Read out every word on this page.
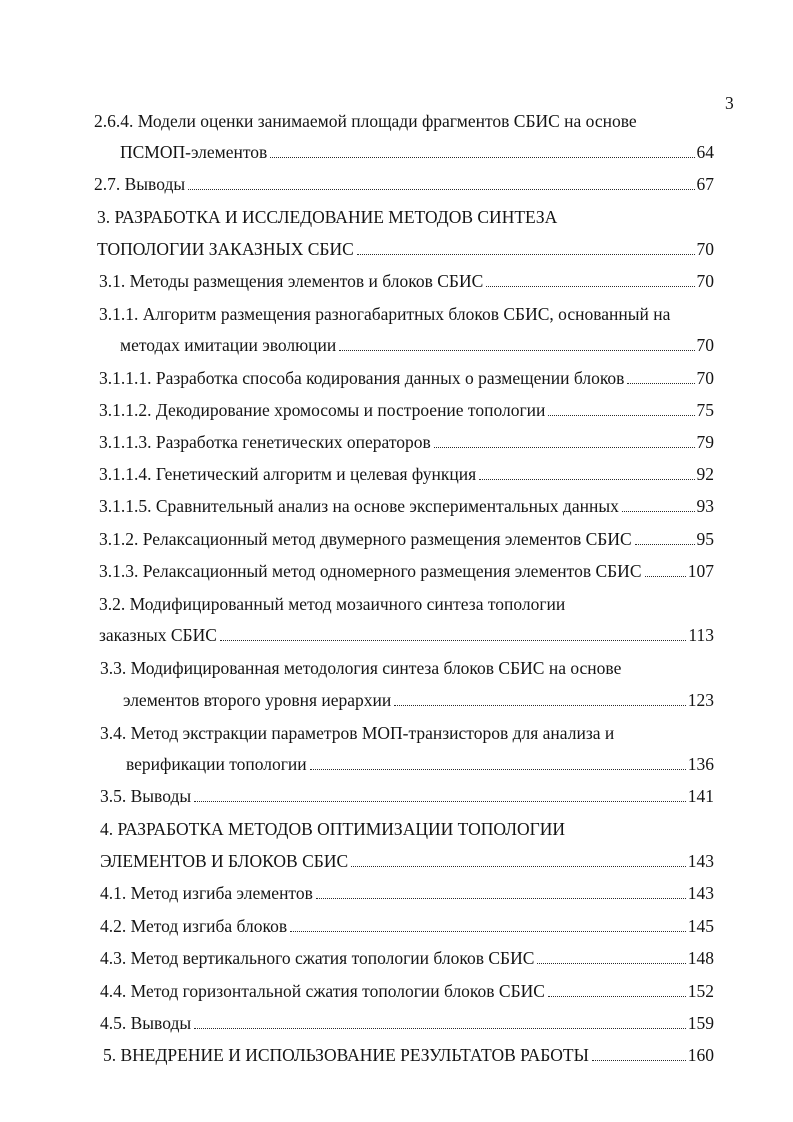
3
2.6.4. Модели оценки занимаемой площади фрагментов СБИС на основе
ПСМОП-элементов	64
2.7. Выводы	67
3. РАЗРАБОТКА И ИССЛЕДОВАНИЕ МЕТОДОВ СИНТЕЗА
ТОПОЛОГИИ ЗАКАЗНЫХ СБИС	70
3.1. Методы размещения элементов и блоков СБИС	70
3.1.1. Алгоритм размещения разногабаритных блоков СБИС, основанный на
методах имитации эволюции	70
3.1.1.1. Разработка способа кодирования данных о размещении блоков	70
3.1.1.2. Декодирование хромосомы и построение топологии	75
3.1.1.3. Разработка генетических операторов	79
3.1.1.4. Генетический алгоритм и целевая функция	92
3.1.1.5. Сравнительный анализ на основе экспериментальных данных	93
3.1.2. Релаксационный метод двумерного размещения элементов СБИС	95
3.1.3. Релаксационный метод одномерного размещения элементов СБИС	107
3.2. Модифицированный метод мозаичного синтеза топологии
заказных СБИС	113
3.3. Модифицированная методология синтеза блоков СБИС на основе
элементов второго уровня иерархии	123
3.4. Метод экстракции параметров МОП-транзисторов для анализа и
верификации топологии	136
3.5. Выводы	141
4. РАЗРАБОТКА МЕТОДОВ ОПТИМИЗАЦИИ ТОПОЛОГИИ
ЭЛЕМЕНТОВ И БЛОКОВ СБИС	143
4.1. Метод изгиба элементов	143
4.2. Метод изгиба блоков	145
4.3. Метод вертикального сжатия топологии блоков СБИС	148
4.4. Метод горизонтальной сжатия топологии блоков СБИС	152
4.5. Выводы	159
5. ВНЕДРЕНИЕ И ИСПОЛЬЗОВАНИЕ РЕЗУЛЬТАТОВ РАБОТЫ	160
